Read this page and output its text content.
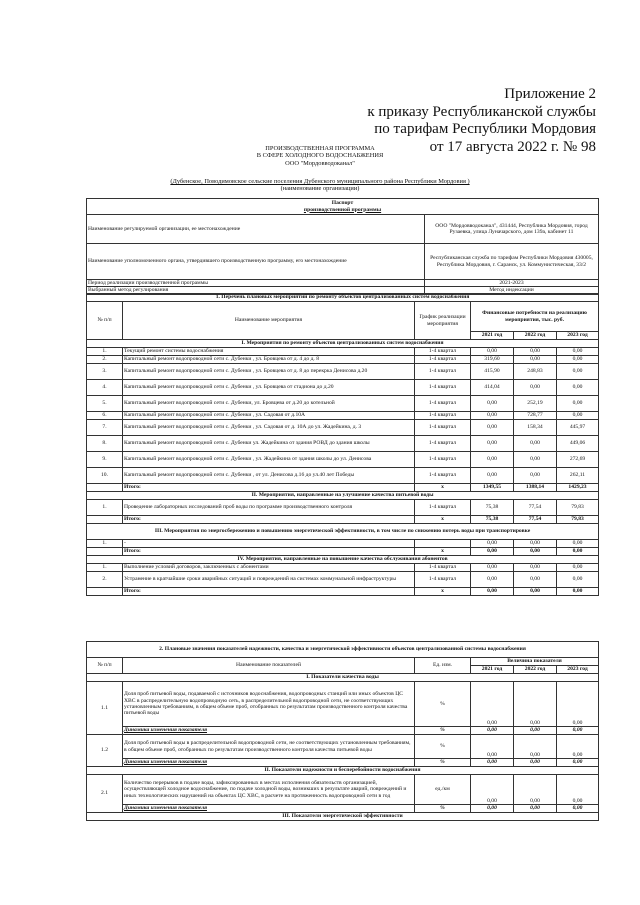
Приложение 2
к приказу Республиканской службы
по тарифам Республики Мордовия
от 17 августа 2022 г. № 98
ПРОИЗВОДСТВЕННАЯ ПРОГРАММА
В СФЕРЕ ХОЛОДНОГО ВОДОСНАБЖЕНИЯ
ООО "Мордовводоканал"
(Дубенское, Поводимовское сельские поселения Дубенского муниципального района Республики Мордовия )
(наименование организации)
Паспорт
производственной программы	

Наименование регулируемой организации, ее местонахождение	ООО "Мордовводоканал", 431444, Республика Мордовия, город Рузаевка, улица Луначарского, дом 139а, кабинет 11
Наименование уполномоченного органа, утвердившего производственную программу, его местонахождение	Республиканская служба по тарифам Республики Мордовия 430005, Республика Мордовия, г. Саранск, ул. Коммунистическая, 33/2
Период реализации производственной программы	2021-2023
Выбранный метод регулирования	Метод индексации
1. Перечень плановых мероприятий по ремонту объектов централизованных систем водоснабжения					
№ п/п	Наименование мероприятия	График реализации мероприятия	Финансовые потребности на реализацию мероприятия, тыс. руб.		
			2021 год	2022 год	2023 год
I. Мероприятия по ремонту объектов централизованных систем водоснабжения					
1.	Текущий ремонт системы водоснабжения	1-4 квартал	0,00	0,00	0,00
2.	Капитальный ремонт водопроводной сети с. Дубенки , ул. Бровцева от д. 4 до д. 8	1-4 квартал	319,60	0,00	0,00
3.	Капитальный ремонт водопроводной сети с. Дубенки , ул. Бровцева от д. 8 до перекрка Денисова д.20	1-4 квартал	415,90	248,83	0,00
4.	Капитальный ремонт водопроводной сети с. Дубенки , ул. Бровцева от стадиона до д.20	1-4 квартал	414,04	0,00	0,00
5.	Капитальный ремонт водопроводной сети с. Дубенки, ул. Бровцева от д.20 до котельной	1-4 квартал	0,00	252,19	0,00
6.	Капитальный ремонт водопроводной сети с. Дубенки , ул. Садовая от д.10А	1-4 квартал	0,00	728,77	0,00
7.	Капитальный ремонт водопроводной сети с. Дубенки , ул. Садовая от д. 10А до ул. Жадейкина, д. 3	1-4 квартал	0,00	158,34	445,97
8.	Капитальный ремонт водопроводной сети с. Дубенки ул. Жадейкина от здания РОВД до здания школы	1-4 квартал	0,00	0,00	449,06
9.	Капитальный ремонт водопроводной сети с. Дубенки , ул. Жадейкина от здания школы до ул. Денисова	1-4 квартал	0,00	0,00	272,69
10.	Капитальный ремонт водопроводной сети с. Дубенки , от ул. Денисова д.16 до ул.40 лет Победы	1-4 квартал	0,00	0,00	262,11
	Итого:	x	1349,55	1388,14	1429,23
II. Мероприятия, направленные на улучшение качества питьевой воды					
1.	Проведение лабораторных исследований проб воды по программе производственного контроля	1-4 квартал	75,38	77,54	79,83
	Итого:	x	75,38	77,54	79,83
III. Мероприятия по энергосбережению и повышению энергетической эффективности, в том числе по снижению потерь воды при транспортировке					
1.	-		0,00	0,00	0,00
	Итого:	x	0,00	0,00	0,00
IV. Мероприятия, направленные на повышение качества обслуживания абонентов					
1.	Выполнение условий договоров, заключенных с абонентами	1-4 квартал	0,00	0,00	0,00
2.	Устранение в кратчайшие сроки аварийных ситуаций и повреждений на системах коммунальной инфраструктуры	1-4 квартал	0,00	0,00	0,00
	Итого:	x	0,00	0,00	0,00
2. Плановые значения показателей надежности, качества и энергетической эффективности объектов централизованной системы водоснабжения					
№ п/п	Наименование показателей	Ед. изм.	Величина показателя		
			2021 год	2022 год	2023 год
I. Показатели качества воды					
1.1	Доля проб питьевой воды, подаваемой с источников водоснабжения, водопроводных станций или иных объектов ЦС ХВС в распределительную водопроводную сеть, в распределительной водопроводной сети, не соответствующих установленным требованиям, в общем объеме проб, отобранных по результатам производственного контроля качества питьевой воды	%	0,00	0,00	0,00
	Динамика изменения показателя	%	0,00	0,00	0,00
1.2	Доля проб питьевой воды в распределительной водопроводной сети, не соответствующих установленным требованиям, в общем объеме проб, отобранных по результатам производственного контроля качества питьевой воды	%	0,00	0,00	0,00
	Динамика изменения показателя	%	0,00	0,00	0,00
II. Показатели надежности и бесперебойности водоснабжения					
2.1	Количество перерывов в подаче воды, зафиксированных в местах исполнения обязательств организацией, осуществляющей холодное водоснабжение, по подаче холодной воды, возникших в результате аварий, повреждений и иных технологических нарушений на объектах ЦС ХВС, в расчете на протяженность водопроводной сети в год	ед./км	0,00	0,00	0,00
	Динамика изменения показателя	%	0,00	0,00	0,00
III. Показатели энергетической эффективности					
